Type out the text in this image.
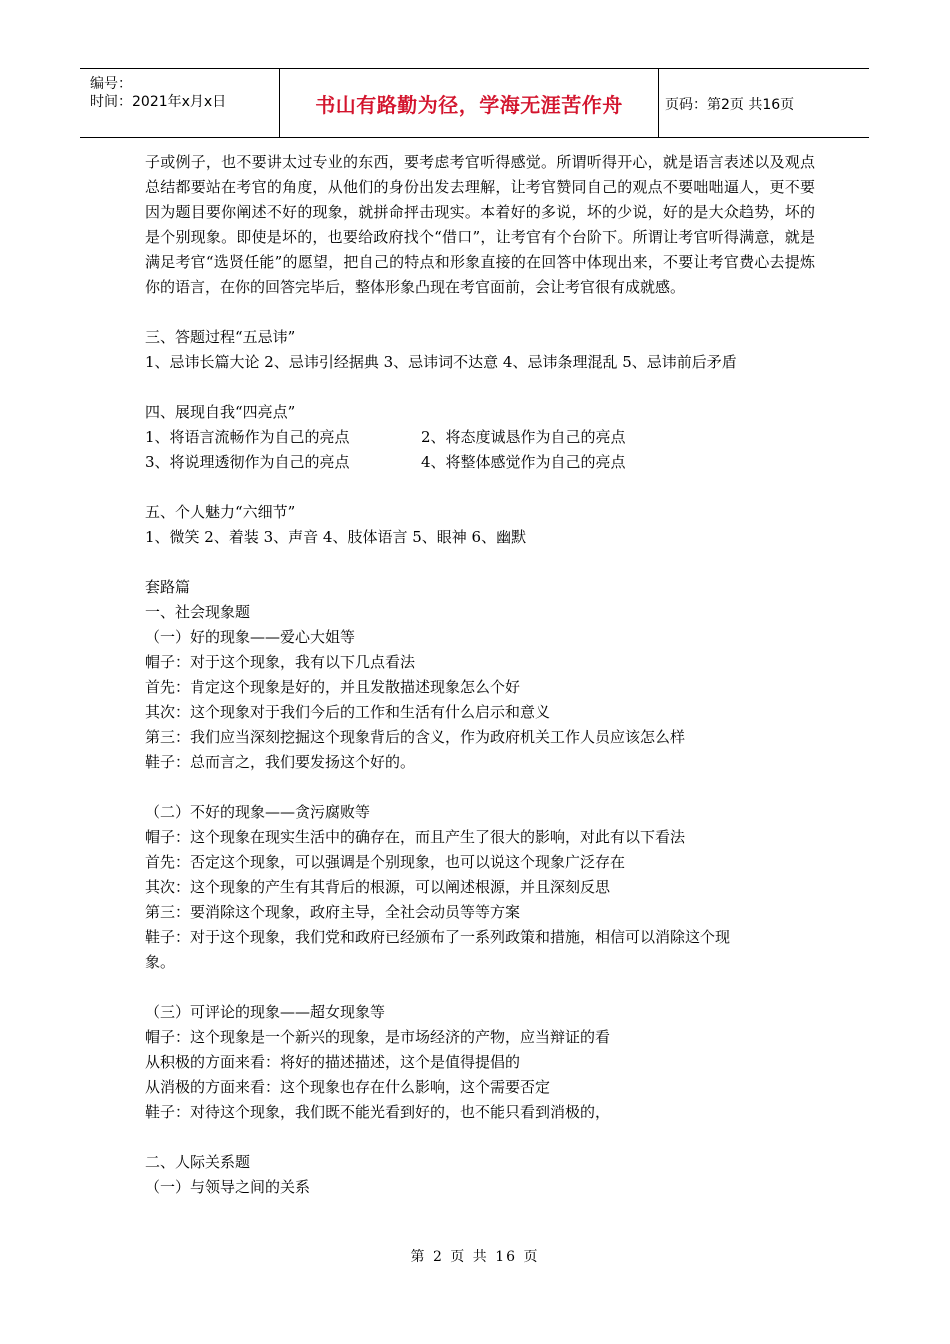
编号：
时间：2021年x月x日	书山有路勤为径，学海无涯苦作舟	页码：第2页 共16页
子或例子，也不要讲太过专业的东西，要考虑考官听得感觉。所谓听得开心，就是语言表述以及观点总结都要站在考官的角度，从他们的身份出发去理解，让考官赞同自己的观点不要咄咄逼人，更不要因为题目要你阐述不好的现象，就拼命抨击现实。本着好的多说，坏的少说，好的是大众趋势，坏的是个别现象。即使是坏的，也要给政府找个“借口”，让考官有个台阶下。所谓让考官听得满意，就是满足考官“选贤任能”的愿望，把自己的特点和形象直接的在回答中体现出来，不要让考官费心去提炼你的语言，在你的回答完毕后，整体形象凸现在考官面前，会让考官很有成就感。
三、答题过程“五忌讳”
1、忌讳长篇大论 2、忌讳引经据典 3、忌讳词不达意 4、忌讳条理混乱 5、忌讳前后矛盾
四、展现自我“四亮点”
1、将语言流畅作为自己的亮点	2、将态度诚恳作为自己的亮点
3、将说理透彻作为自己的亮点	4、将整体感觉作为自己的亮点
五、个人魅力“六细节”
1、微笑 2、着装 3、声音 4、肢体语言 5、眼神 6、幽默
套路篇
一、社会现象题
（一）好的现象——爱心大姐等
帽子：对于这个现象，我有以下几点看法
首先：肯定这个现象是好的，并且发散描述现象怎么个好
其次：这个现象对于我们今后的工作和生活有什么启示和意义
第三：我们应当深刻挖掘这个现象背后的含义，作为政府机关工作人员应该怎么样
鞋子：总而言之，我们要发扬这个好的。
（二）不好的现象——贪污腐败等
帽子：这个现象在现实生活中的确存在，而且产生了很大的影响，对此有以下看法
首先：否定这个现象，可以强调是个别现象，也可以说这个现象广泛存在
其次：这个现象的产生有其背后的根源，可以阐述根源，并且深刻反思
第三：要消除这个现象，政府主导，全社会动员等等方案
鞋子：对于这个现象，我们党和政府已经颁布了一系列政策和措施，相信可以消除这个现
象。
（三）可评论的现象——超女现象等
帽子：这个现象是一个新兴的现象，是市场经济的产物，应当辩证的看
从积极的方面来看：将好的描述描述，这个是值得提倡的
从消极的方面来看：这个现象也存在什么影响，这个需要否定
鞋子：对待这个现象，我们既不能光看到好的，也不能只看到消极的，
二、人际关系题
（一）与领导之间的关系
第 2 页 共 16 页
